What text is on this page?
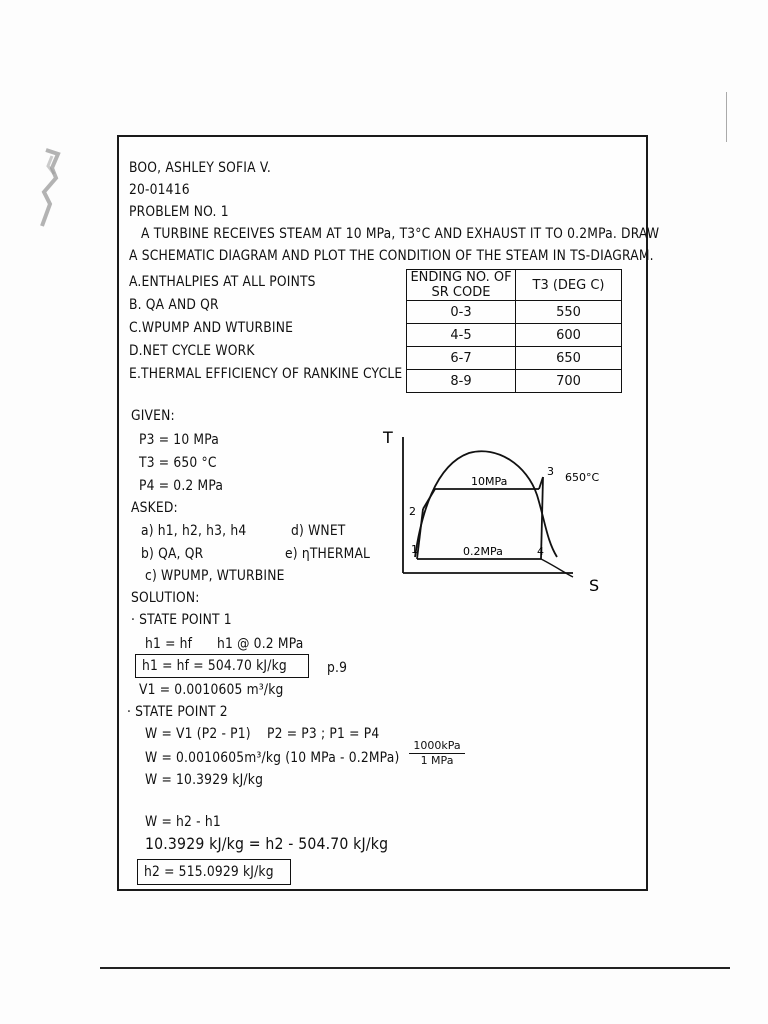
BOO, ASHLEY SOFIA V.
20-01416
PROBLEM NO. 1
A TURBINE RECEIVES STEAM AT 10 MPa, T3°C AND EXHAUST IT TO 0.2MPa. DRAW
A SCHEMATIC DIAGRAM AND PLOT THE CONDITION OF THE STEAM IN TS-DIAGRAM.
A.ENTHALPIES AT ALL POINTS
B. QA AND QR
C.WPUMP AND WTURBINE
D.NET CYCLE WORK
E.THERMAL EFFICIENCY OF RANKINE CYCLE
ENDING NO. OF
SR CODE	T3 (DEG C)
0-3	550
4-5	600
6-7	650
8-9	700
GIVEN:
P3 = 10 MPa
T3 = 650 °C
P4 = 0.2 MPa
ASKED:
a) h1, h2, h3, h4	d) WNET
b) QA, QR	e) ηTHERMAL
c) WPUMP, WTURBINE
T
S
10MPa
0.2MPa
650°C
1
2
3
4
SOLUTION:
· STATE POINT 1
h1 = hf h1 @ 0.2 MPa
h1 = hf = 504.70 kJ/kg	p.9
V1 = 0.0010605 m³/kg
· STATE POINT 2
W = V1 (P2 - P1) P2 = P3 ; P1 = P4
W = 0.0010605m³/kg (10 MPa - 0.2MPa)
1000kPa
1 MPa
W = 10.3929 kJ/kg
W = h2 - h1
10.3929 kJ/kg = h2 - 504.70 kJ/kg
h2 = 515.0929 kJ/kg
